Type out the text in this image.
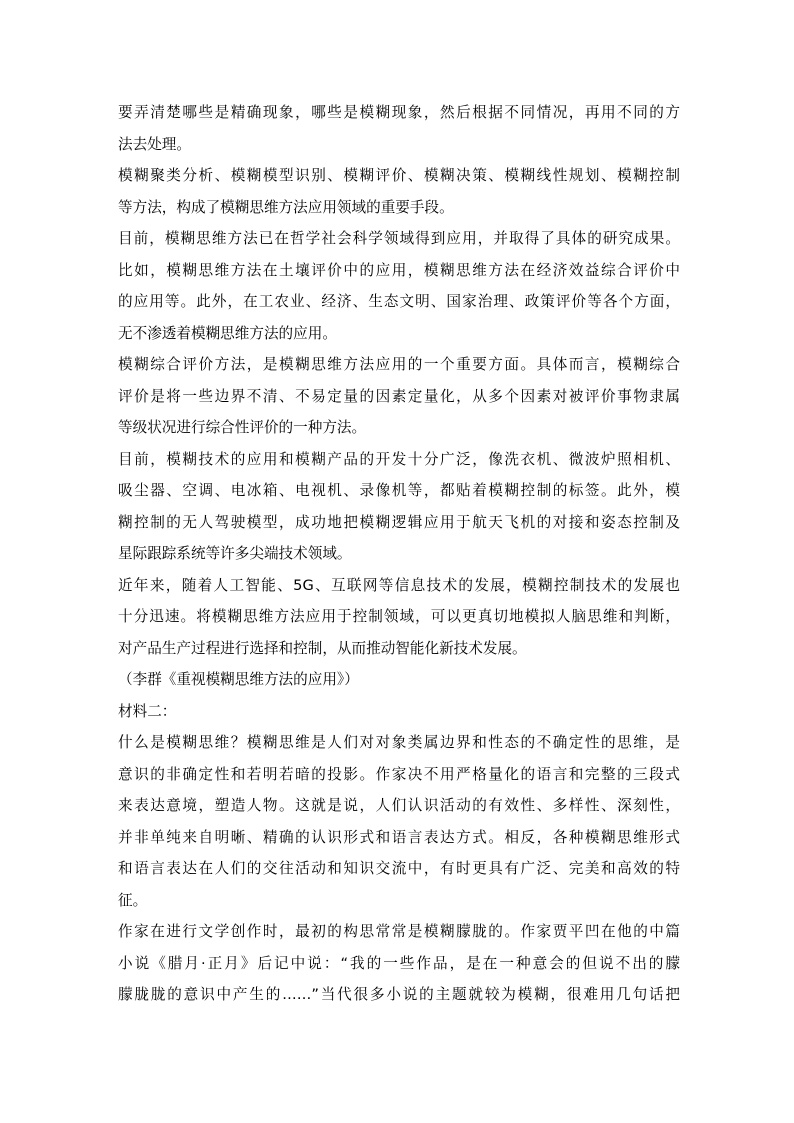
要弄清楚哪些是精确现象，哪些是模糊现象，然后根据不同情况，再用不同的方
法去处理。
模糊聚类分析、模糊模型识别、模糊评价、模糊决策、模糊线性规划、模糊控制
等方法，构成了模糊思维方法应用领域的重要手段。
目前，模糊思维方法已在哲学社会科学领域得到应用，并取得了具体的研究成果。
比如，模糊思维方法在土壤评价中的应用，模糊思维方法在经济效益综合评价中
的应用等。此外，在工农业、经济、生态文明、国家治理、政策评价等各个方面，
无不渗透着模糊思维方法的应用。
模糊综合评价方法，是模糊思维方法应用的一个重要方面。具体而言，模糊综合
评价是将一些边界不清、不易定量的因素定量化，从多个因素对被评价事物隶属
等级状况进行综合性评价的一种方法。
目前，模糊技术的应用和模糊产品的开发十分广泛，像洗衣机、微波炉照相机、
吸尘器、空调、电冰箱、电视机、录像机等，都贴着模糊控制的标签。此外，模
糊控制的无人驾驶模型，成功地把模糊逻辑应用于航天飞机的对接和姿态控制及
星际跟踪系统等许多尖端技术领域。
近年来，随着人工智能、5G、互联网等信息技术的发展，模糊控制技术的发展也
十分迅速。将模糊思维方法应用于控制领域，可以更真切地模拟人脑思维和判断，
对产品生产过程进行选择和控制，从而推动智能化新技术发展。
（李群《重视模糊思维方法的应用》）
材料二：
什么是模糊思维？模糊思维是人们对对象类属边界和性态的不确定性的思维，是
意识的非确定性和若明若暗的投影。作家决不用严格量化的语言和完整的三段式
来表达意境，塑造人物。这就是说，人们认识活动的有效性、多样性、深刻性，
并非单纯来自明晰、精确的认识形式和语言表达方式。相反，各种模糊思维形式
和语言表达在人们的交往活动和知识交流中，有时更具有广泛、完美和高效的特
征。
作家在进行文学创作时，最初的构思常常是模糊朦胧的。作家贾平凹在他的中篇
小说《腊月·正月》后记中说：“我的一些作品，是在一种意会的但说不出的朦
朦胧胧的意识中产生的……”当代很多小说的主题就较为模糊，很难用几句话把
